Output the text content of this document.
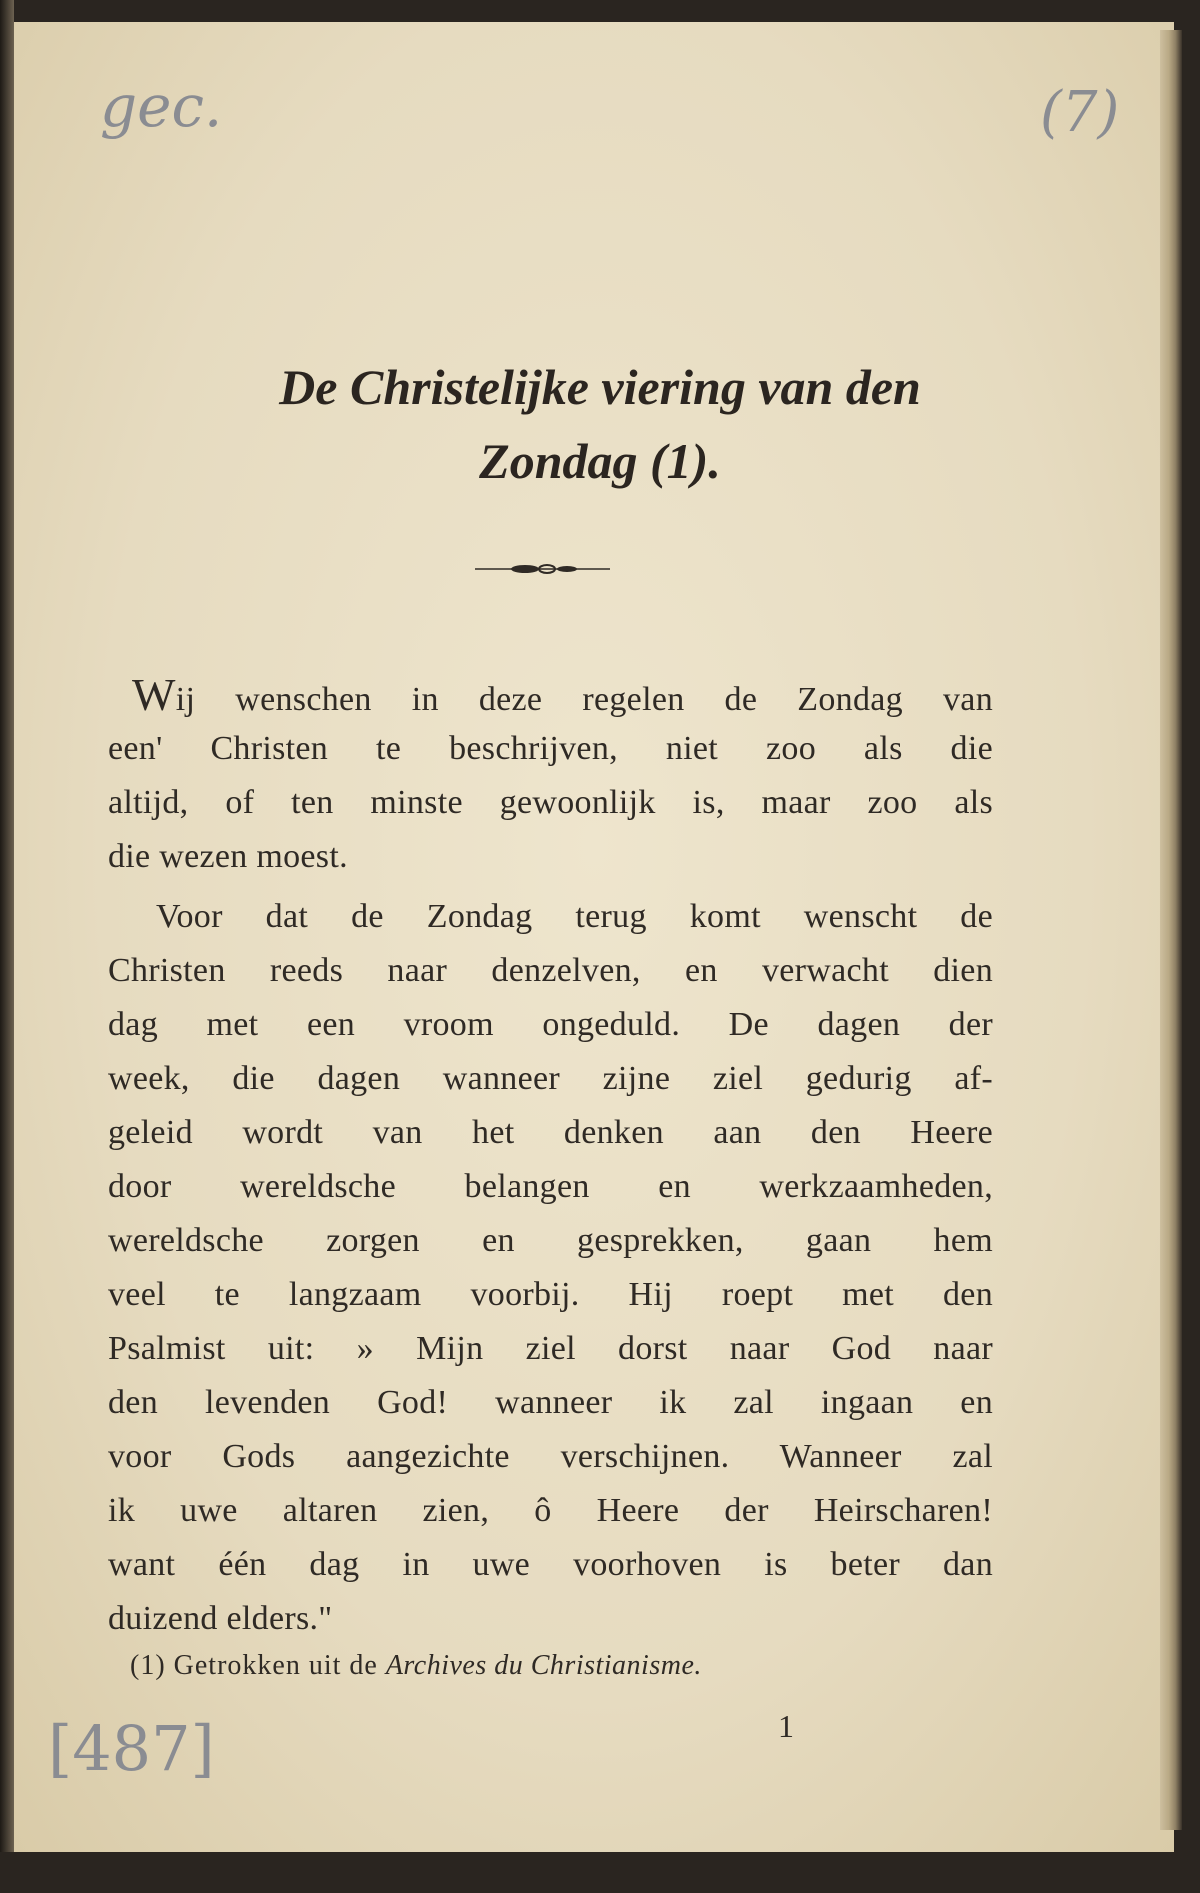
gec.	(7)
[487]
De Christelijke viering van den
Zondag (1).
Wij wenschen in deze regelen de Zondag van
een' Christen te beschrijven, niet zoo als die
altijd, of ten minste gewoonlijk is, maar zoo als
die wezen moest.
Voor dat de Zondag terug komt wenscht de
Christen reeds naar denzelven, en verwacht dien
dag met een vroom ongeduld. De dagen der
week, die dagen wanneer zijne ziel gedurig af-
geleid wordt van het denken aan den Heere
door wereldsche belangen en werkzaamheden,
wereldsche zorgen en gesprekken, gaan hem
veel te langzaam voorbij. Hij roept met den
Psalmist uit: » Mijn ziel dorst naar God naar
den levenden God! wanneer ik zal ingaan en
voor Gods aangezichte verschijnen. Wanneer zal
ik uwe altaren zien, ô Heere der Heirscharen!
want één dag in uwe voorhoven is beter dan
duizend elders."
(1) Getrokken uit de Archives du Christianisme.
1
